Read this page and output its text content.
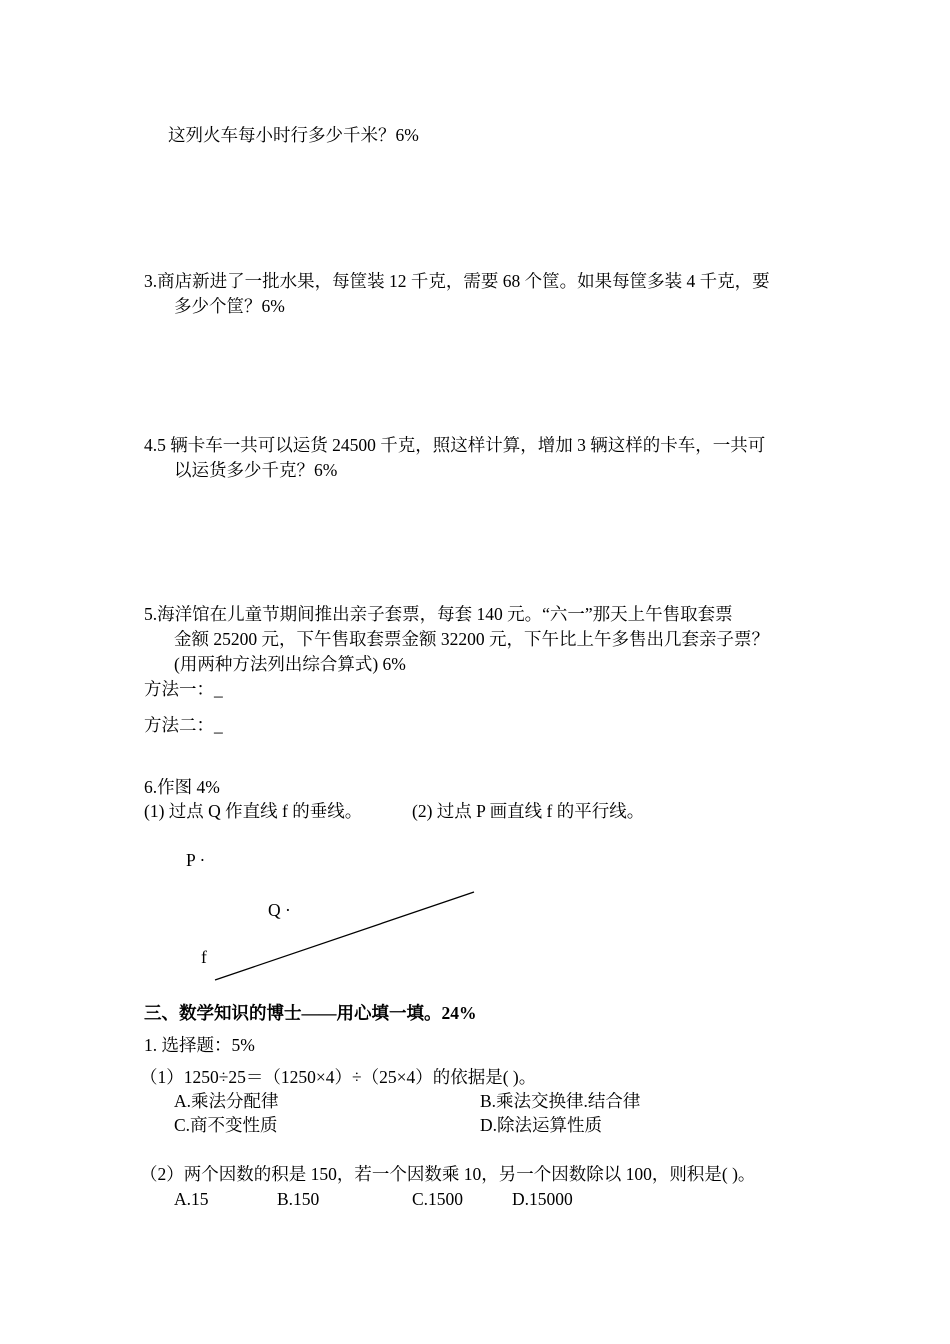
这列火车每小时行多少千米？6%
3.商店新进了一批水果，每筐装 12 千克，需要 68 个筐。如果每筐多装 4 千克，要
多少个筐？6%
4.5 辆卡车一共可以运货 24500 千克，照这样计算，增加 3 辆这样的卡车，一共可
以运货多少千克？6%
5.海洋馆在儿童节期间推出亲子套票，每套 140 元。“六一”那天上午售取套票
金额 25200 元，下午售取套票金额 32200 元，下午比上午多售出几套亲子票？
(用两种方法列出综合算式) 6%
方法一：_
方法二：_
6.作图 4%
(1) 过点 Q 作直线 f 的垂线。	(2) 过点 P 画直线 f 的平行线。
P ·
Q ·
f
三、数学知识的博士——用心填一填。24%
1. 选择题：5%
（1）1250÷25＝（1250×4）÷（25×4）的依据是( )。
A.乘法分配律	B.乘法交换律.结合律
C.商不变性质	D.除法运算性质
（2）两个因数的积是 150，若一个因数乘 10，另一个因数除以 100，则积是( )。
A.15	B.150	C.1500	D.15000
